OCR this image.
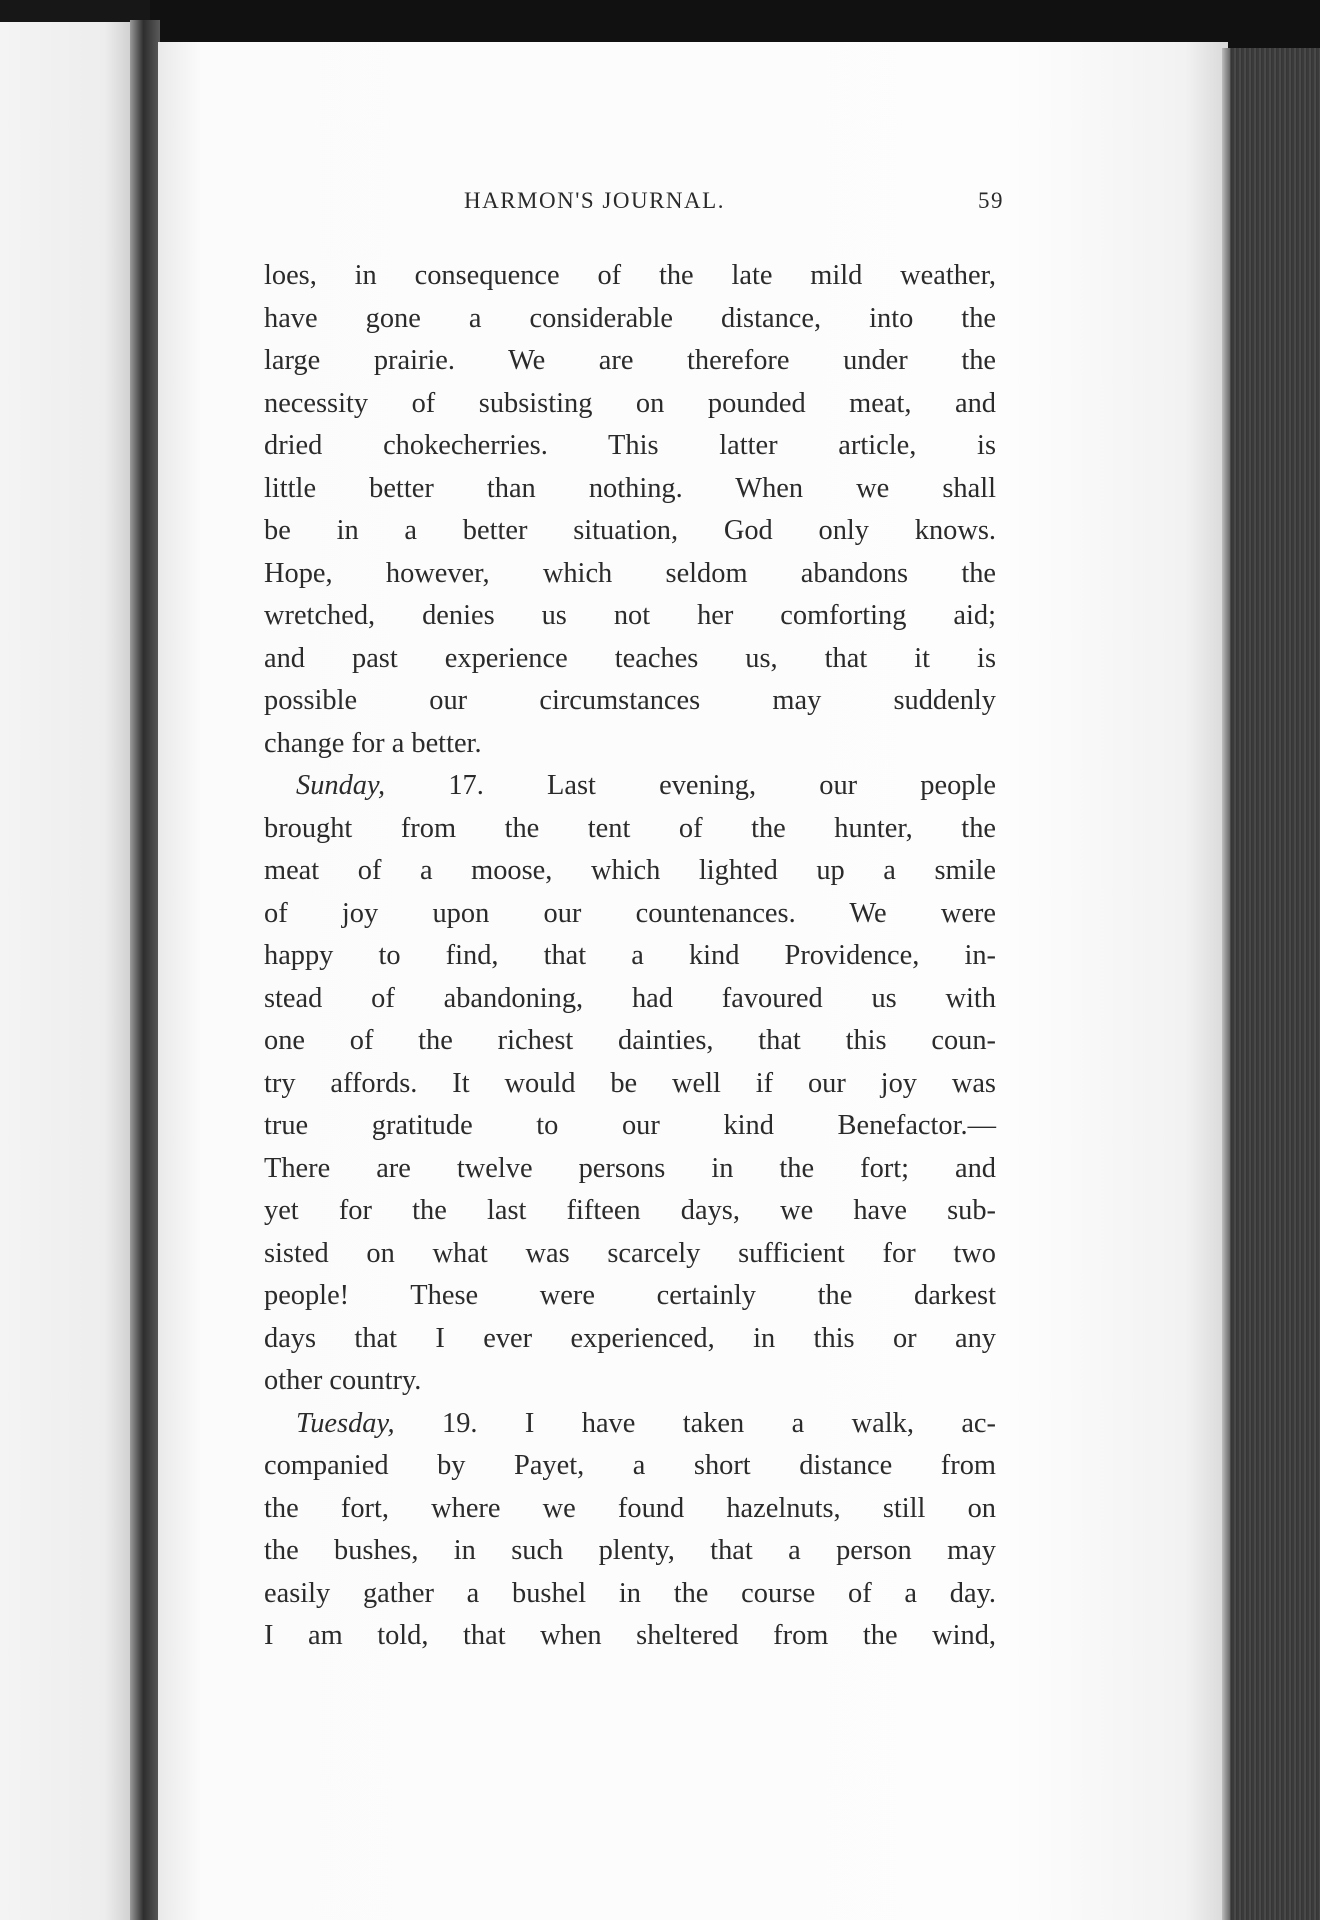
HARMON'S JOURNAL.	59
loes, in consequence of the late mild weather,
have gone a considerable distance, into the
large prairie. We are therefore under the
necessity of subsisting on pounded meat, and
dried chokecherries. This latter article, is
little better than nothing. When we shall
be in a better situation, God only knows.
Hope, however, which seldom abandons the
wretched, denies us not her comforting aid;
and past experience teaches us, that it is
possible our circumstances may suddenly
change for a better.
Sunday, 17. Last evening, our people
brought from the tent of the hunter, the
meat of a moose, which lighted up a smile
of joy upon our countenances. We were
happy to find, that a kind Providence, in-
stead of abandoning, had favoured us with
one of the richest dainties, that this coun-
try affords. It would be well if our joy was
true gratitude to our kind Benefactor.—
There are twelve persons in the fort; and
yet for the last fifteen days, we have sub-
sisted on what was scarcely sufficient for two
people! These were certainly the darkest
days that I ever experienced, in this or any
other country.
Tuesday, 19. I have taken a walk, ac-
companied by Payet, a short distance from
the fort, where we found hazelnuts, still on
the bushes, in such plenty, that a person may
easily gather a bushel in the course of a day.
I am told, that when sheltered from the wind,
